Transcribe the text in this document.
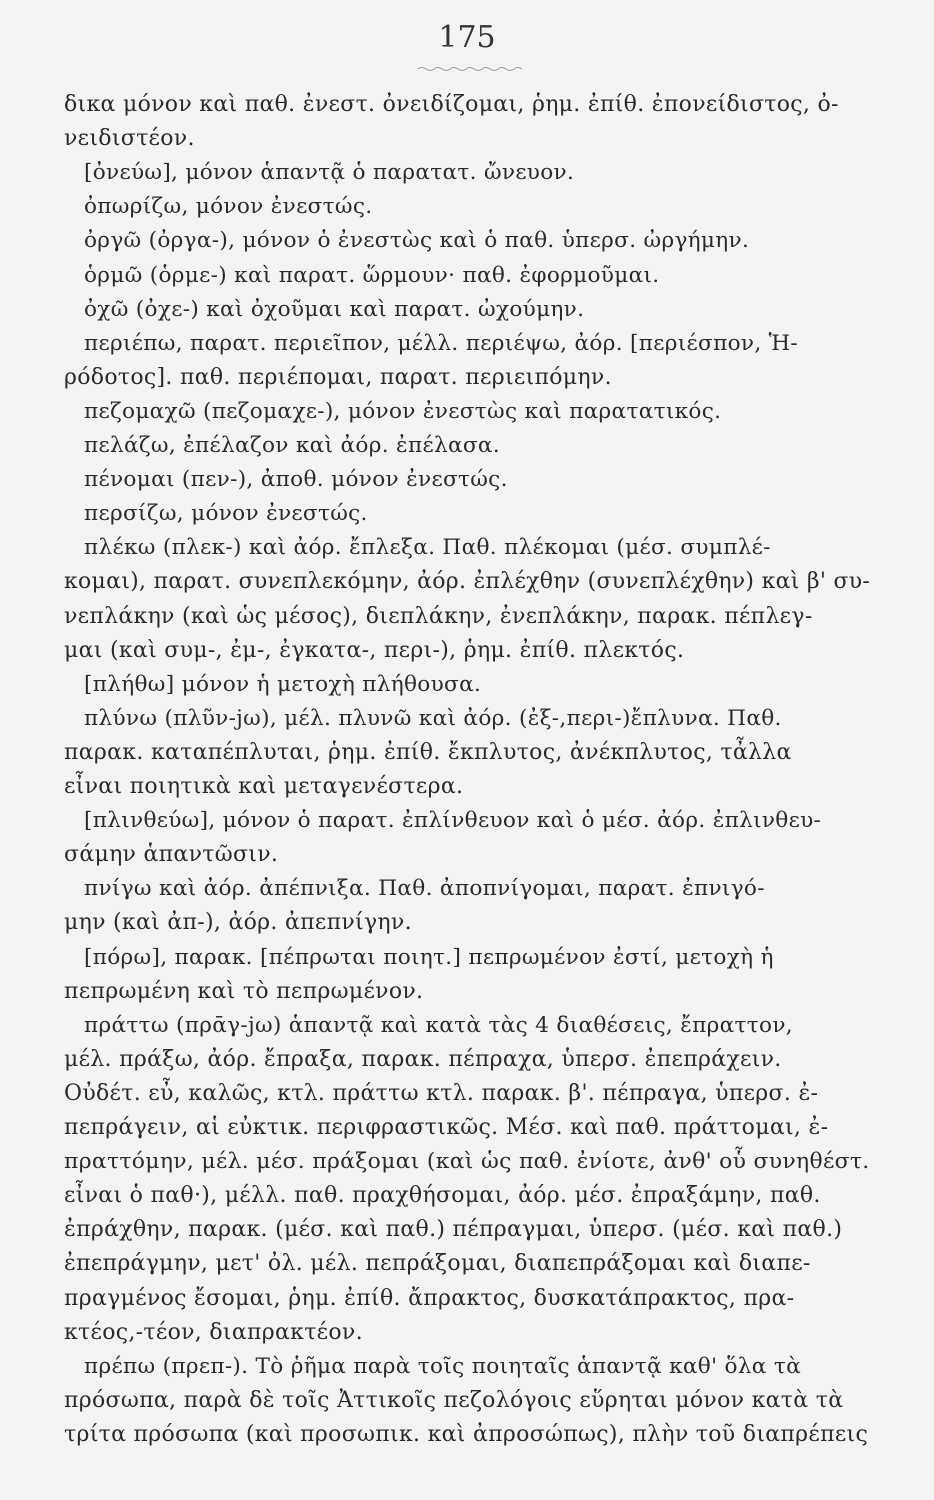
175
δικα μόνον καὶ παθ. ἐνεστ. ὀνειδίζομαι, ῥημ. ἐπίθ. ἐπονείδιστος, ὀ-
νειδιστέον.
[ὀνεύω], μόνον ἁπαντᾷ ὁ παρατατ. ὤνευον.
ὀπωρίζω, μόνον ἐνεστώς.
ὀργῶ (ὀργα-), μόνον ὁ ἐνεστὼς καὶ ὁ παθ. ὑπερσ. ὠργήμην.
ὁρμῶ (ὁρμε-) καὶ παρατ. ὥρμουν· παθ. ἐφορμοῦμαι.
ὀχῶ (ὀχε-) καὶ ὀχοῦμαι καὶ παρατ. ὠχούμην.
περιέπω, παρατ. περιεῖπον, μέλλ. περιέψω, ἀόρ. [περιέσπον, Ἡ-
ρόδοτος]. παθ. περιέπομαι, παρατ. περιειπόμην.
πεζομαχῶ (πεζομαχε-), μόνον ἐνεστὼς καὶ παρατατικός.
πελάζω, ἐπέλαζον καὶ ἀόρ. ἐπέλασα.
πένομαι (πεν-), ἀποθ. μόνον ἐνεστώς.
περσίζω, μόνον ἐνεστώς.
πλέκω (πλεκ-) καὶ ἀόρ. ἔπλεξα. Παθ. πλέκομαι (μέσ. συμπλέ-
κομαι), παρατ. συνεπλεκόμην, ἀόρ. ἐπλέχθην (συνεπλέχθην) καὶ β' συ-
νεπλάκην (καὶ ὡς μέσος), διεπλάκην, ἐνεπλάκην, παρακ. πέπλεγ-
μαι (καὶ συμ-, ἐμ-, ἐγκατα-, περι-), ῥημ. ἐπίθ. πλεκτός.
[πλήθω] μόνον ἡ μετοχὴ πλήθουσα.
πλύνω (πλῦν-jω), μέλ. πλυνῶ καὶ ἀόρ. (ἐξ-,περι-)ἔπλυνα. Παθ.
παρακ. καταπέπλυται, ῥημ. ἐπίθ. ἔκπλυτος, ἀνέκπλυτος, τἆλλα
εἶναι ποιητικὰ καὶ μεταγενέστερα.
[πλινθεύω], μόνον ὁ παρατ. ἐπλίνθευον καὶ ὁ μέσ. ἀόρ. ἐπλινθευ-
σάμην ἁπαντῶσιν.
πνίγω καὶ ἀόρ. ἀπέπνιξα. Παθ. ἀποπνίγομαι, παρατ. ἐπνιγό-
μην (καὶ ἀπ-), ἀόρ. ἀπεπνίγην.
[πόρω], παρακ. [πέπρωται ποιητ.] πεπρωμένον ἐστί, μετοχὴ ἡ
πεπρωμένη καὶ τὸ πεπρωμένον.
πράττω (πρᾱγ-jω) ἁπαντᾷ καὶ κατὰ τὰς 4 διαθέσεις, ἔπραττον,
μέλ. πράξω, ἀόρ. ἔπραξα, παρακ. πέπραχα, ὑπερσ. ἐπεπράχειν.
Οὐδέτ. εὖ, καλῶς, κτλ. πράττω κτλ. παρακ. β'. πέπραγα, ὑπερσ. ἐ-
πεπράγειν, αἱ εὐκτικ. περιφραστικῶς. Μέσ. καὶ παθ. πράττομαι, ἐ-
πραττόμην, μέλ. μέσ. πράξομαι (καὶ ὡς παθ. ἐνίοτε, ἀνθ' οὗ συνηθέστ.
εἶναι ὁ παθ·), μέλλ. παθ. πραχθήσομαι, ἀόρ. μέσ. ἐπραξάμην, παθ.
ἐπράχθην, παρακ. (μέσ. καὶ παθ.) πέπραγμαι, ὑπερσ. (μέσ. καὶ παθ.)
ἐπεπράγμην, μετ' ὀλ. μέλ. πεπράξομαι, διαπεπράξομαι καὶ διαπε-
πραγμένος ἔσομαι, ῥημ. ἐπίθ. ἄπρακτος, δυσκατάπρακτος, πρα-
κτέος,-τέον, διαπρακτέον.
πρέπω (πρεπ-). Τὸ ῥῆμα παρὰ τοῖς ποιηταῖς ἁπαντᾷ καθ' ὅλα τὰ
πρόσωπα, παρὰ δὲ τοῖς Ἀττικοῖς πεζολόγοις εὕρηται μόνον κατὰ τὰ
τρίτα πρόσωπα (καὶ προσωπικ. καὶ ἀπροσώπως), πλὴν τοῦ διαπρέπεις
